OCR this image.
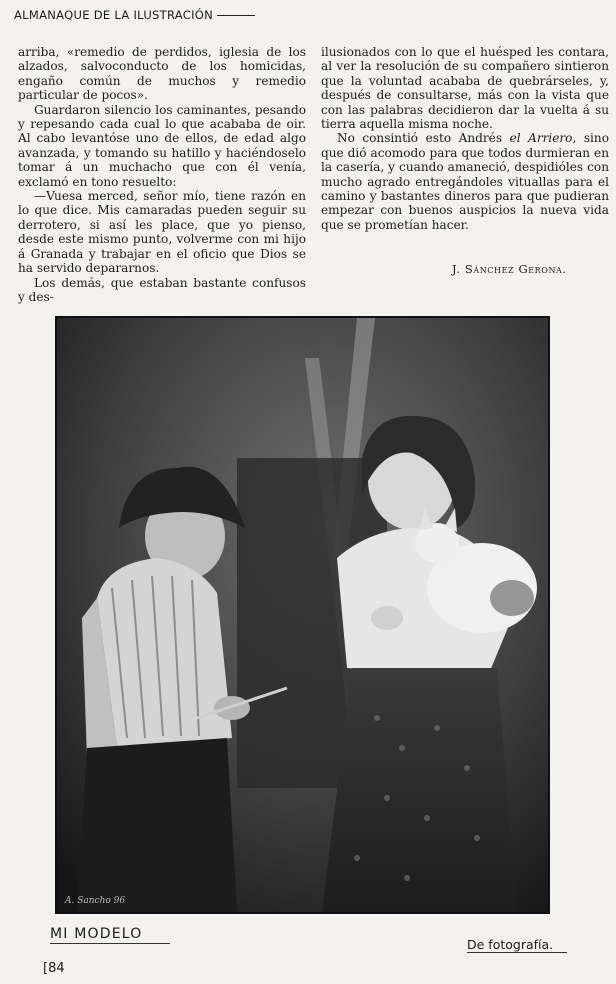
ALMANAQUE DE LA ILUSTRACIÓN

arriba, «remedio de perdidos, iglesia de los alzados, salvoconducto de los homicidas, engaño común de muchos y remedio particular de pocos».

Guardaron silencio los caminantes, pesando y repesando cada cual lo que acababa de oir. Al cabo levantóse uno de ellos, de edad algo avanzada, y tomando su hatillo y haciéndoselo tomar á un muchacho que con él venía, exclamó en tono resuelto:

—Vuesa merced, señor mío, tiene razón en lo que dice. Mis camaradas pueden seguir su derrotero, si así les place, que yo pienso, desde este mismo punto, volverme con mi hijo á Granada y trabajar en el oficio que Dios se ha servido depararnos.

Los demás, que estaban bastante confusos y des-

ilusionados con lo que el huésped les contara, al ver la resolución de su compañero sintieron que la voluntad acababa de quebrárseles, y, después de consultarse, más con la vista que con las palabras decidieron dar la vuelta á su tierra aquella misma noche.

No consintió esto Andrés el Arriero, sino que dió acomodo para que todos durmieran en la casería, y cuando amaneció, despidióles con mucho agrado entregándoles vituallas para el camino y bastantes dineros para que pudieran empezar con buenos auspicios la nueva vida que se prometían hacer.

J. Sánchez Gerona.
A. Sancho 96
MI MODELO
De fotografía.
[84
